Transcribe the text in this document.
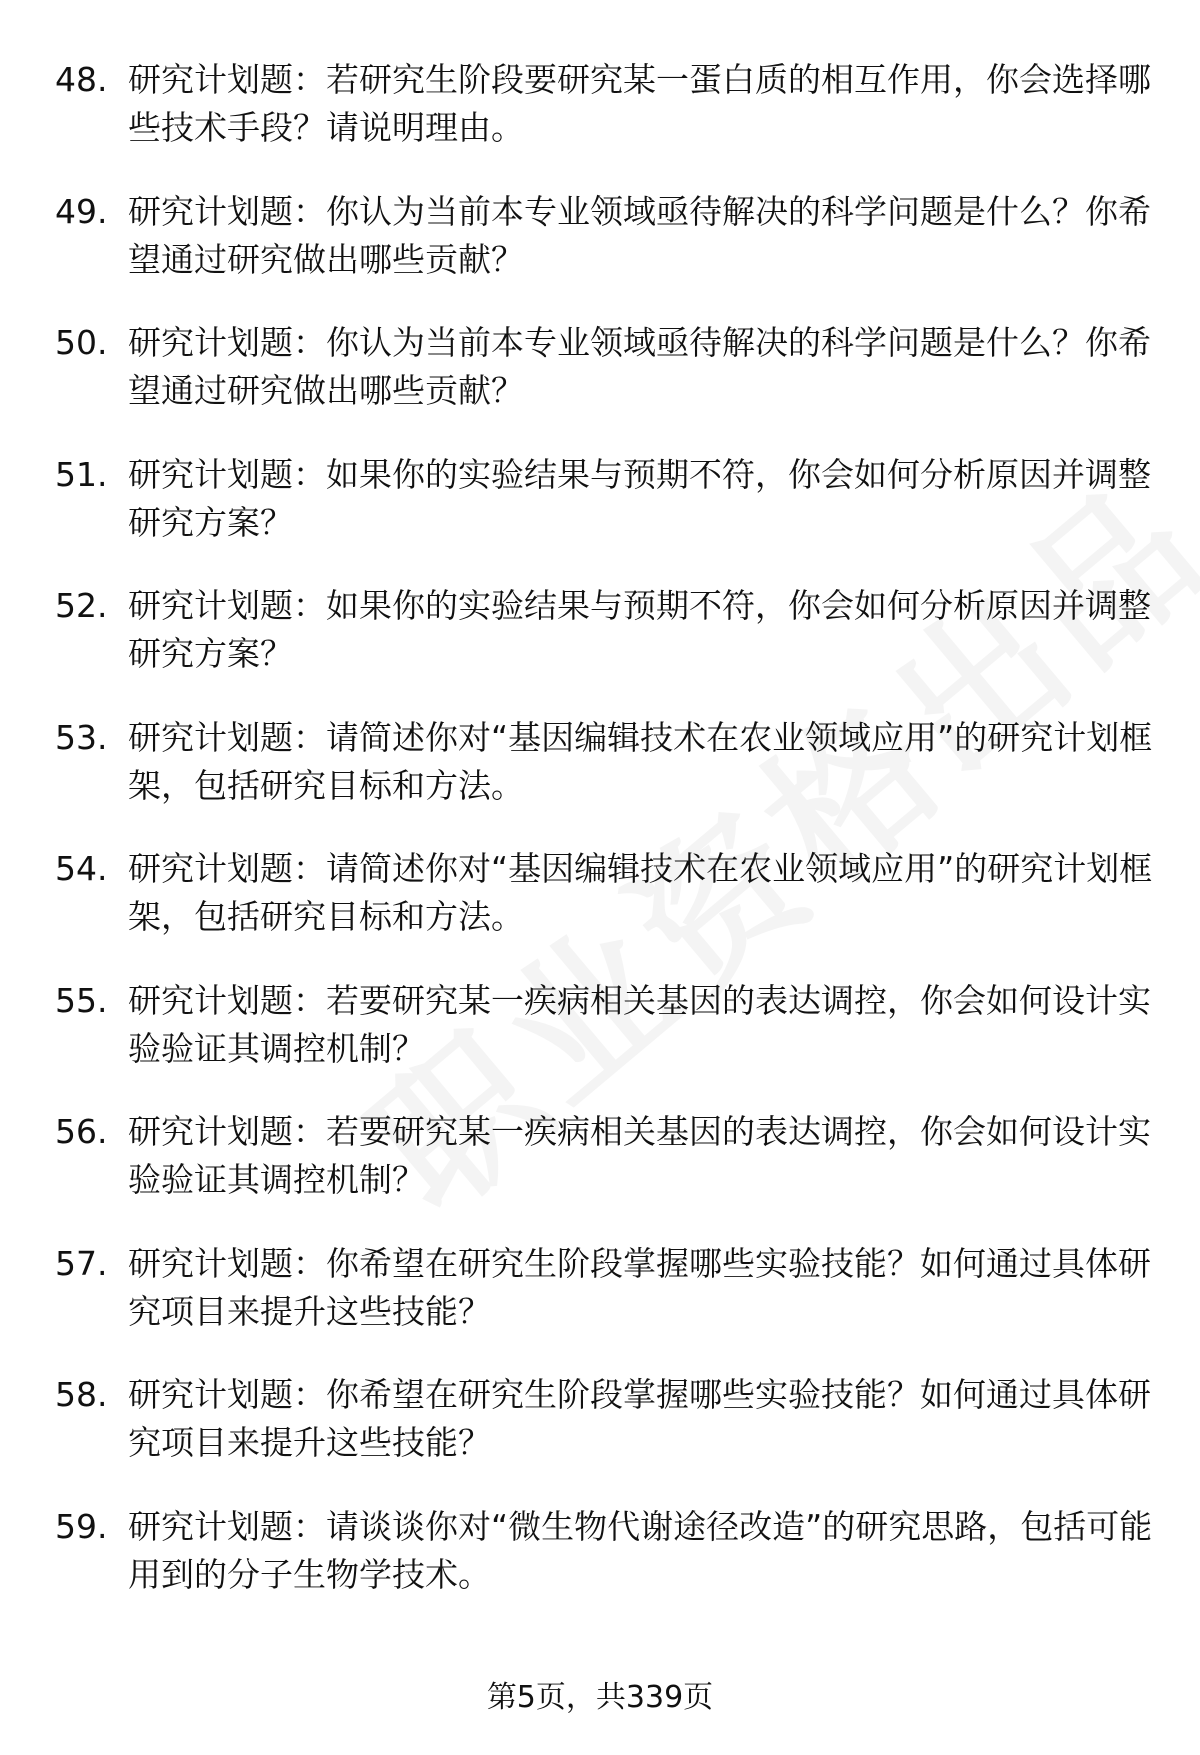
48. 研究计划题：若研究生阶段要研究某一蛋白质的相互作用，你会选择哪些技术手段？请说明理由。
49. 研究计划题：你认为当前本专业领域亟待解决的科学问题是什么？你希望通过研究做出哪些贡献？
50. 研究计划题：你认为当前本专业领域亟待解决的科学问题是什么？你希望通过研究做出哪些贡献？
51. 研究计划题：如果你的实验结果与预期不符，你会如何分析原因并调整研究方案？
52. 研究计划题：如果你的实验结果与预期不符，你会如何分析原因并调整研究方案？
53. 研究计划题：请简述你对“基因编辑技术在农业领域应用”的研究计划框架，包括研究目标和方法。
54. 研究计划题：请简述你对“基因编辑技术在农业领域应用”的研究计划框架，包括研究目标和方法。
55. 研究计划题：若要研究某一疾病相关基因的表达调控，你会如何设计实验验证其调控机制？
56. 研究计划题：若要研究某一疾病相关基因的表达调控，你会如何设计实验验证其调控机制？
57. 研究计划题：你希望在研究生阶段掌握哪些实验技能？如何通过具体研究项目来提升这些技能？
58. 研究计划题：你希望在研究生阶段掌握哪些实验技能？如何通过具体研究项目来提升这些技能？
59. 研究计划题：请谈谈你对“微生物代谢途径改造”的研究思路，包括可能用到的分子生物学技术。
第5页，共339页
